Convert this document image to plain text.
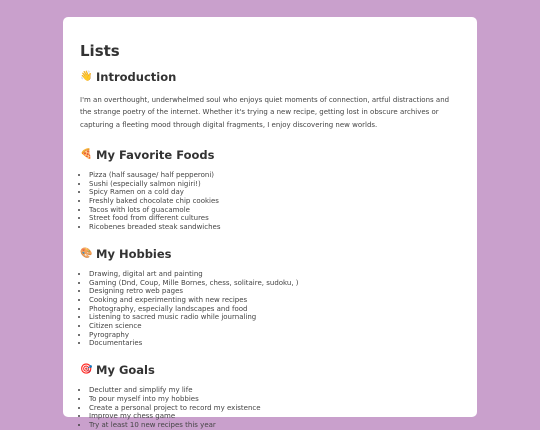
Lists
👋 Introduction

I'm an overthought, underwhelmed soul who enjoys quiet moments of connection, artful distractions and the strange poetry of the internet. Whether it's trying a new recipe, getting lost in obscure archives or capturing a fleeting mood through digital fragments, I enjoy discovering new worlds.

🍕 My Favorite Foods
• Pizza (half sausage/ half pepperoni)
• Sushi (especially salmon nigiri!)
• Spicy Ramen on a cold day
• Freshly baked chocolate chip cookies
• Tacos with lots of guacamole
• Street food from different cultures
• Ricobenes breaded steak sandwiches
🎨 My Hobbies
• Drawing, digital art and painting
• Gaming (Dnd, Coup, Mille Bornes, chess, solitaire, sudoku, )
• Designing retro web pages
• Cooking and experimenting with new recipes
• Photography, especially landscapes and food
• Listening to sacred music radio while journaling
• Citizen science
• Pyrography
• Documentaries
🎯 My Goals
• Declutter and simplify my life
• To pour myself into my hobbies
• Create a personal project to record my existence
• Improve my chess game
• Try at least 10 new recipes this year
